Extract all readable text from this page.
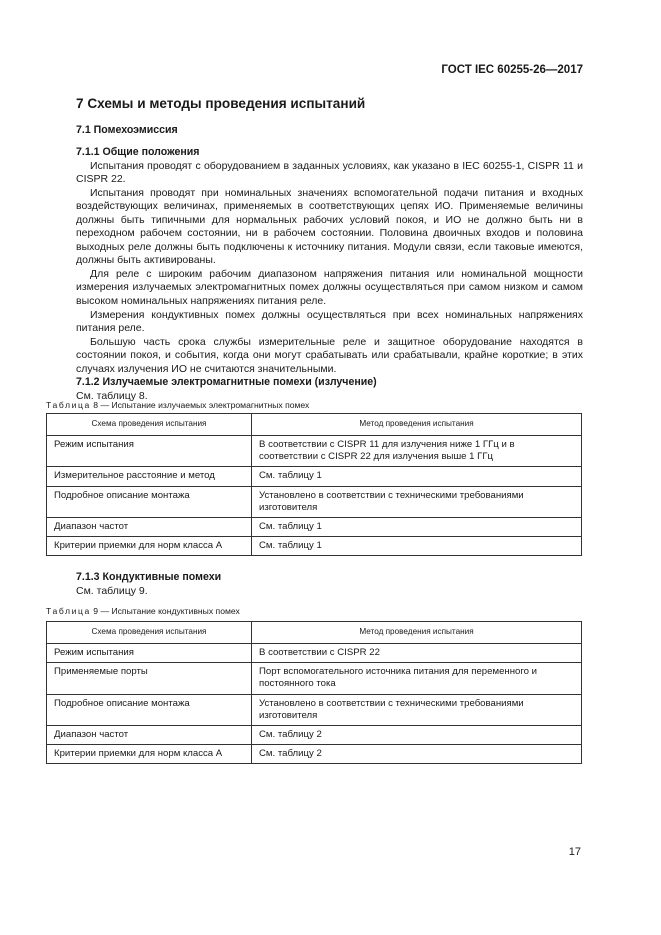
ГОСТ IEC 60255-26—2017
7 Схемы и методы проведения испытаний
7.1 Помехоэмиссия
7.1.1 Общие положения

Испытания проводят с оборудованием в заданных условиях, как указано в IEC 60255-1, CISPR 11 и CISPR 22.

Испытания проводят при номинальных значениях вспомогательной подачи питания и входных воздействующих величинах, применяемых в соответствующих цепях ИО. Применяемые величины должны быть типичными для нормальных рабочих условий покоя, и ИО не должно быть ни в переходном рабочем состоянии, ни в рабочем состоянии. Половина двоичных входов и половина выходных реле должны быть подключены к источнику питания. Модули связи, если таковые имеются, должны быть активированы.

Для реле с широким рабочим диапазоном напряжения питания или номинальной мощности измерения излучаемых электромагнитных помех должны осуществляться при самом низком и самом высоком номинальных напряжениях питания реле.

Измерения кондуктивных помех должны осуществляться при всех номинальных напряжениях питания реле.

Большую часть срока службы измерительные реле и защитное оборудование находятся в состоянии покоя, и события, когда они могут срабатывать или срабатывали, крайне короткие; в этих случаях излучения ИО не считаются значительными.

7.1.2 Излучаемые электромагнитные помехи (излучение)

См. таблицу 8.

Таблица 8 — Испытание излучаемых электромагнитных помех
Схема проведения испытания	Метод проведения испытания
Режим испытания	В соответствии с CISPR 11 для излучения ниже 1 ГГц и в соответствии с CISPR 22 для излучения выше 1 ГГц
Измерительное расстояние и метод	См. таблицу 1
Подробное описание монтажа	Установлено в соответствии с техническими требованиями изготовителя
Диапазон частот	См. таблицу 1
Критерии приемки для норм класса А	См. таблицу 1
7.1.3 Кондуктивные помехи

См. таблицу 9.

Таблица 9 — Испытание кондуктивных помех
Схема проведения испытания	Метод проведения испытания
Режим испытания	В соответствии с CISPR 22
Применяемые порты	Порт вспомогательного источника питания для переменного и постоянного тока
Подробное описание монтажа	Установлено в соответствии с техническими требованиями изготовителя
Диапазон частот	См. таблицу 2
Критерии приемки для норм класса А	См. таблицу 2
17
